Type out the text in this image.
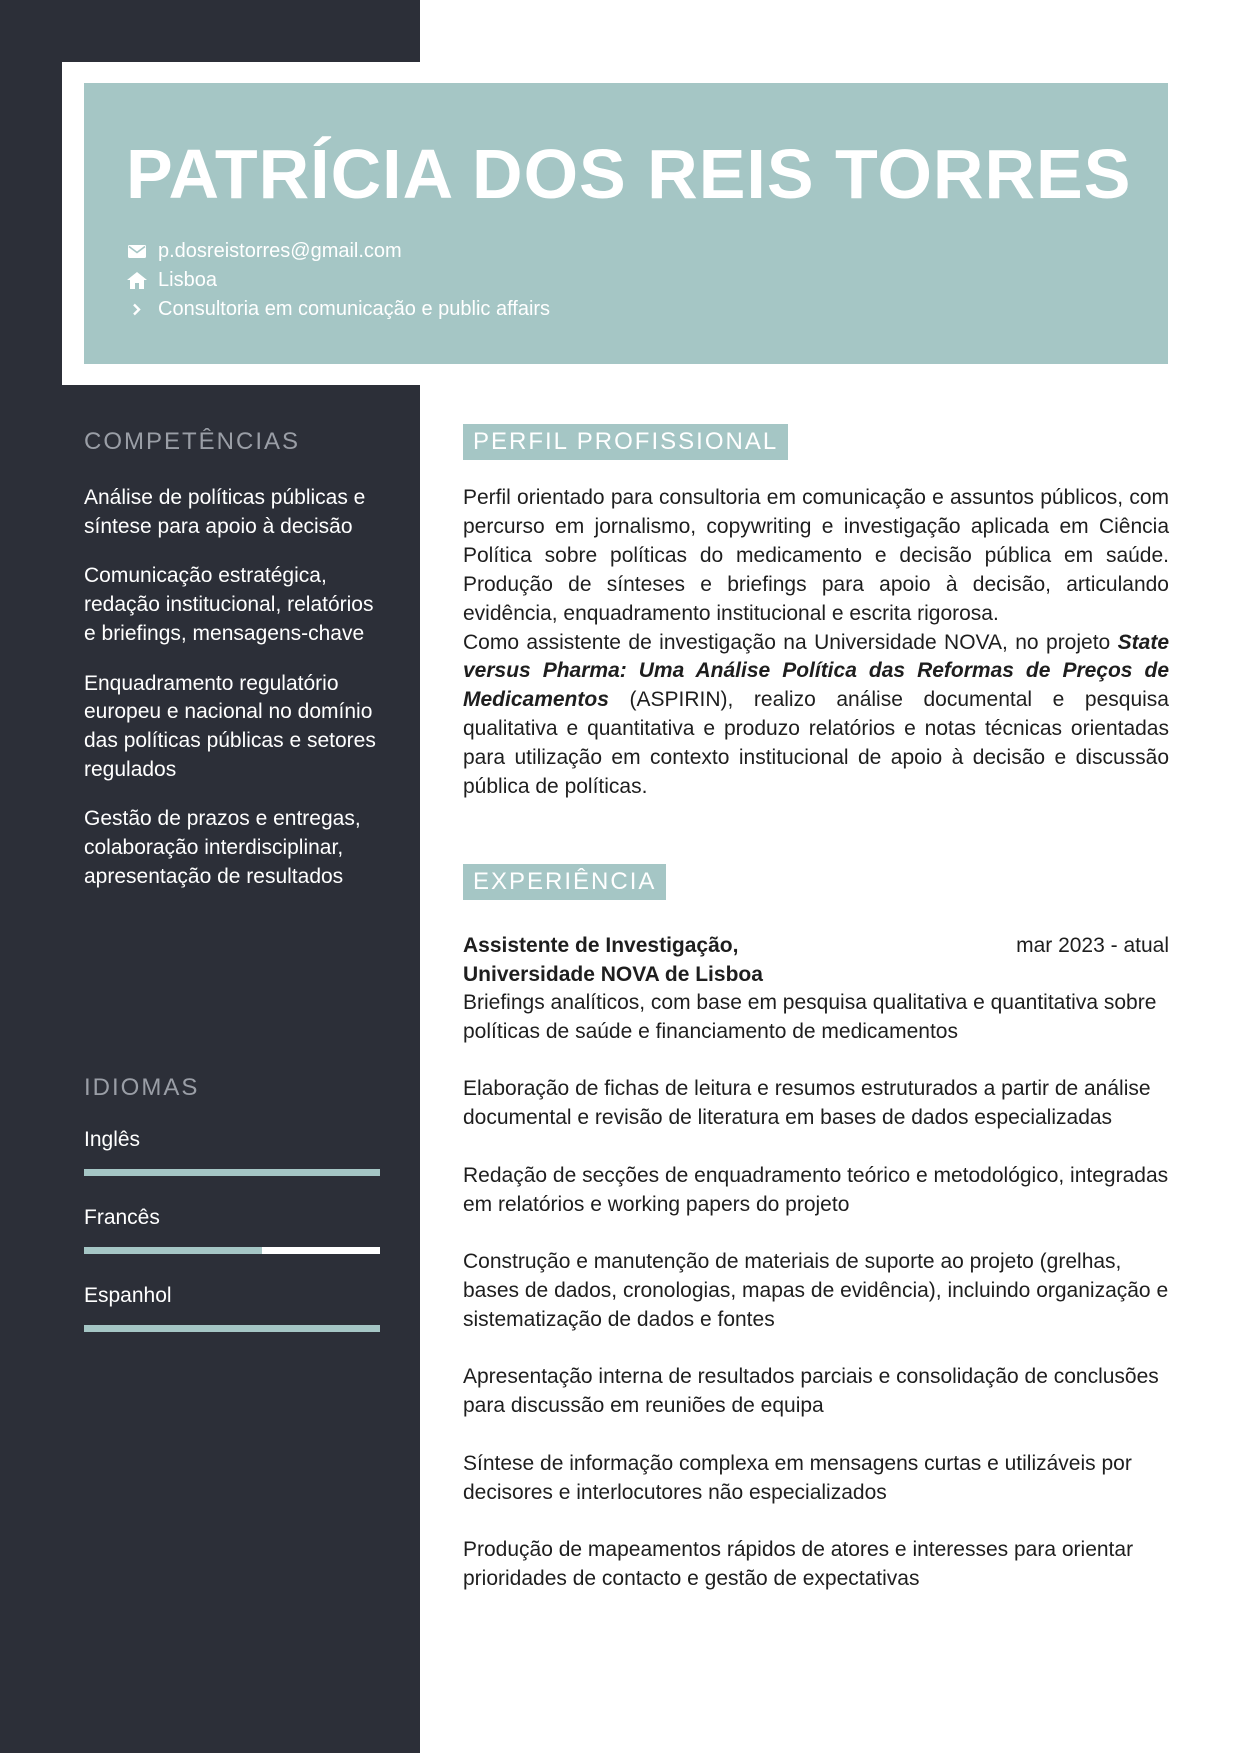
PATRÍCIA DOS REIS TORRES
p.dosreistorres@gmail.com
Lisboa
Consultoria em comunicação e public affairs
COMPETÊNCIAS

Análise de políticas públicas e síntese para apoio à decisão

Comunicação estratégica, redação institucional, relatórios e briefings, mensagens-chave

Enquadramento regulatório europeu e nacional no domínio das políticas públicas e setores regulados

Gestão de prazos e entregas, colaboração interdisciplinar, apresentação de resultados

IDIOMAS

Inglês

Francês

Espanhol

PERFIL PROFISSIONAL

Perfil orientado para consultoria em comunicação e assuntos públicos, com percurso em jornalismo, copywriting e investigação aplicada em Ciência Política sobre políticas do medicamento e decisão pública em saúde. Produção de sínteses e briefings para apoio à decisão, articulando evidência, enquadramento institucional e escrita rigorosa.
Como assistente de investigação na Universidade NOVA, no projeto State versus Pharma: Uma Análise Política das Reformas de Preços de Medicamentos (ASPIRIN), realizo análise documental e pesquisa qualitativa e quantitativa e produzo relatórios e notas técnicas orientadas para utilização em contexto institucional de apoio à decisão e discussão pública de políticas.

EXPERIÊNCIA

Assistente de Investigação,
Universidade NOVA de Lisboa

mar 2023 - atual

Briefings analíticos, com base em pesquisa qualitativa e quantitativa sobre políticas de saúde e financiamento de medicamentos
Elaboração de fichas de leitura e resumos estruturados a partir de análise documental e revisão de literatura em bases de dados especializadas
Redação de secções de enquadramento teórico e metodológico, integradas em relatórios e working papers do projeto
Construção e manutenção de materiais de suporte ao projeto (grelhas, bases de dados, cronologias, mapas de evidência), incluindo organização e sistematização de dados e fontes
Apresentação interna de resultados parciais e consolidação de conclusões para discussão em reuniões de equipa
Síntese de informação complexa em mensagens curtas e utilizáveis por decisores e interlocutores não especializados
Produção de mapeamentos rápidos de atores e interesses para orientar prioridades de contacto e gestão de expectativas
